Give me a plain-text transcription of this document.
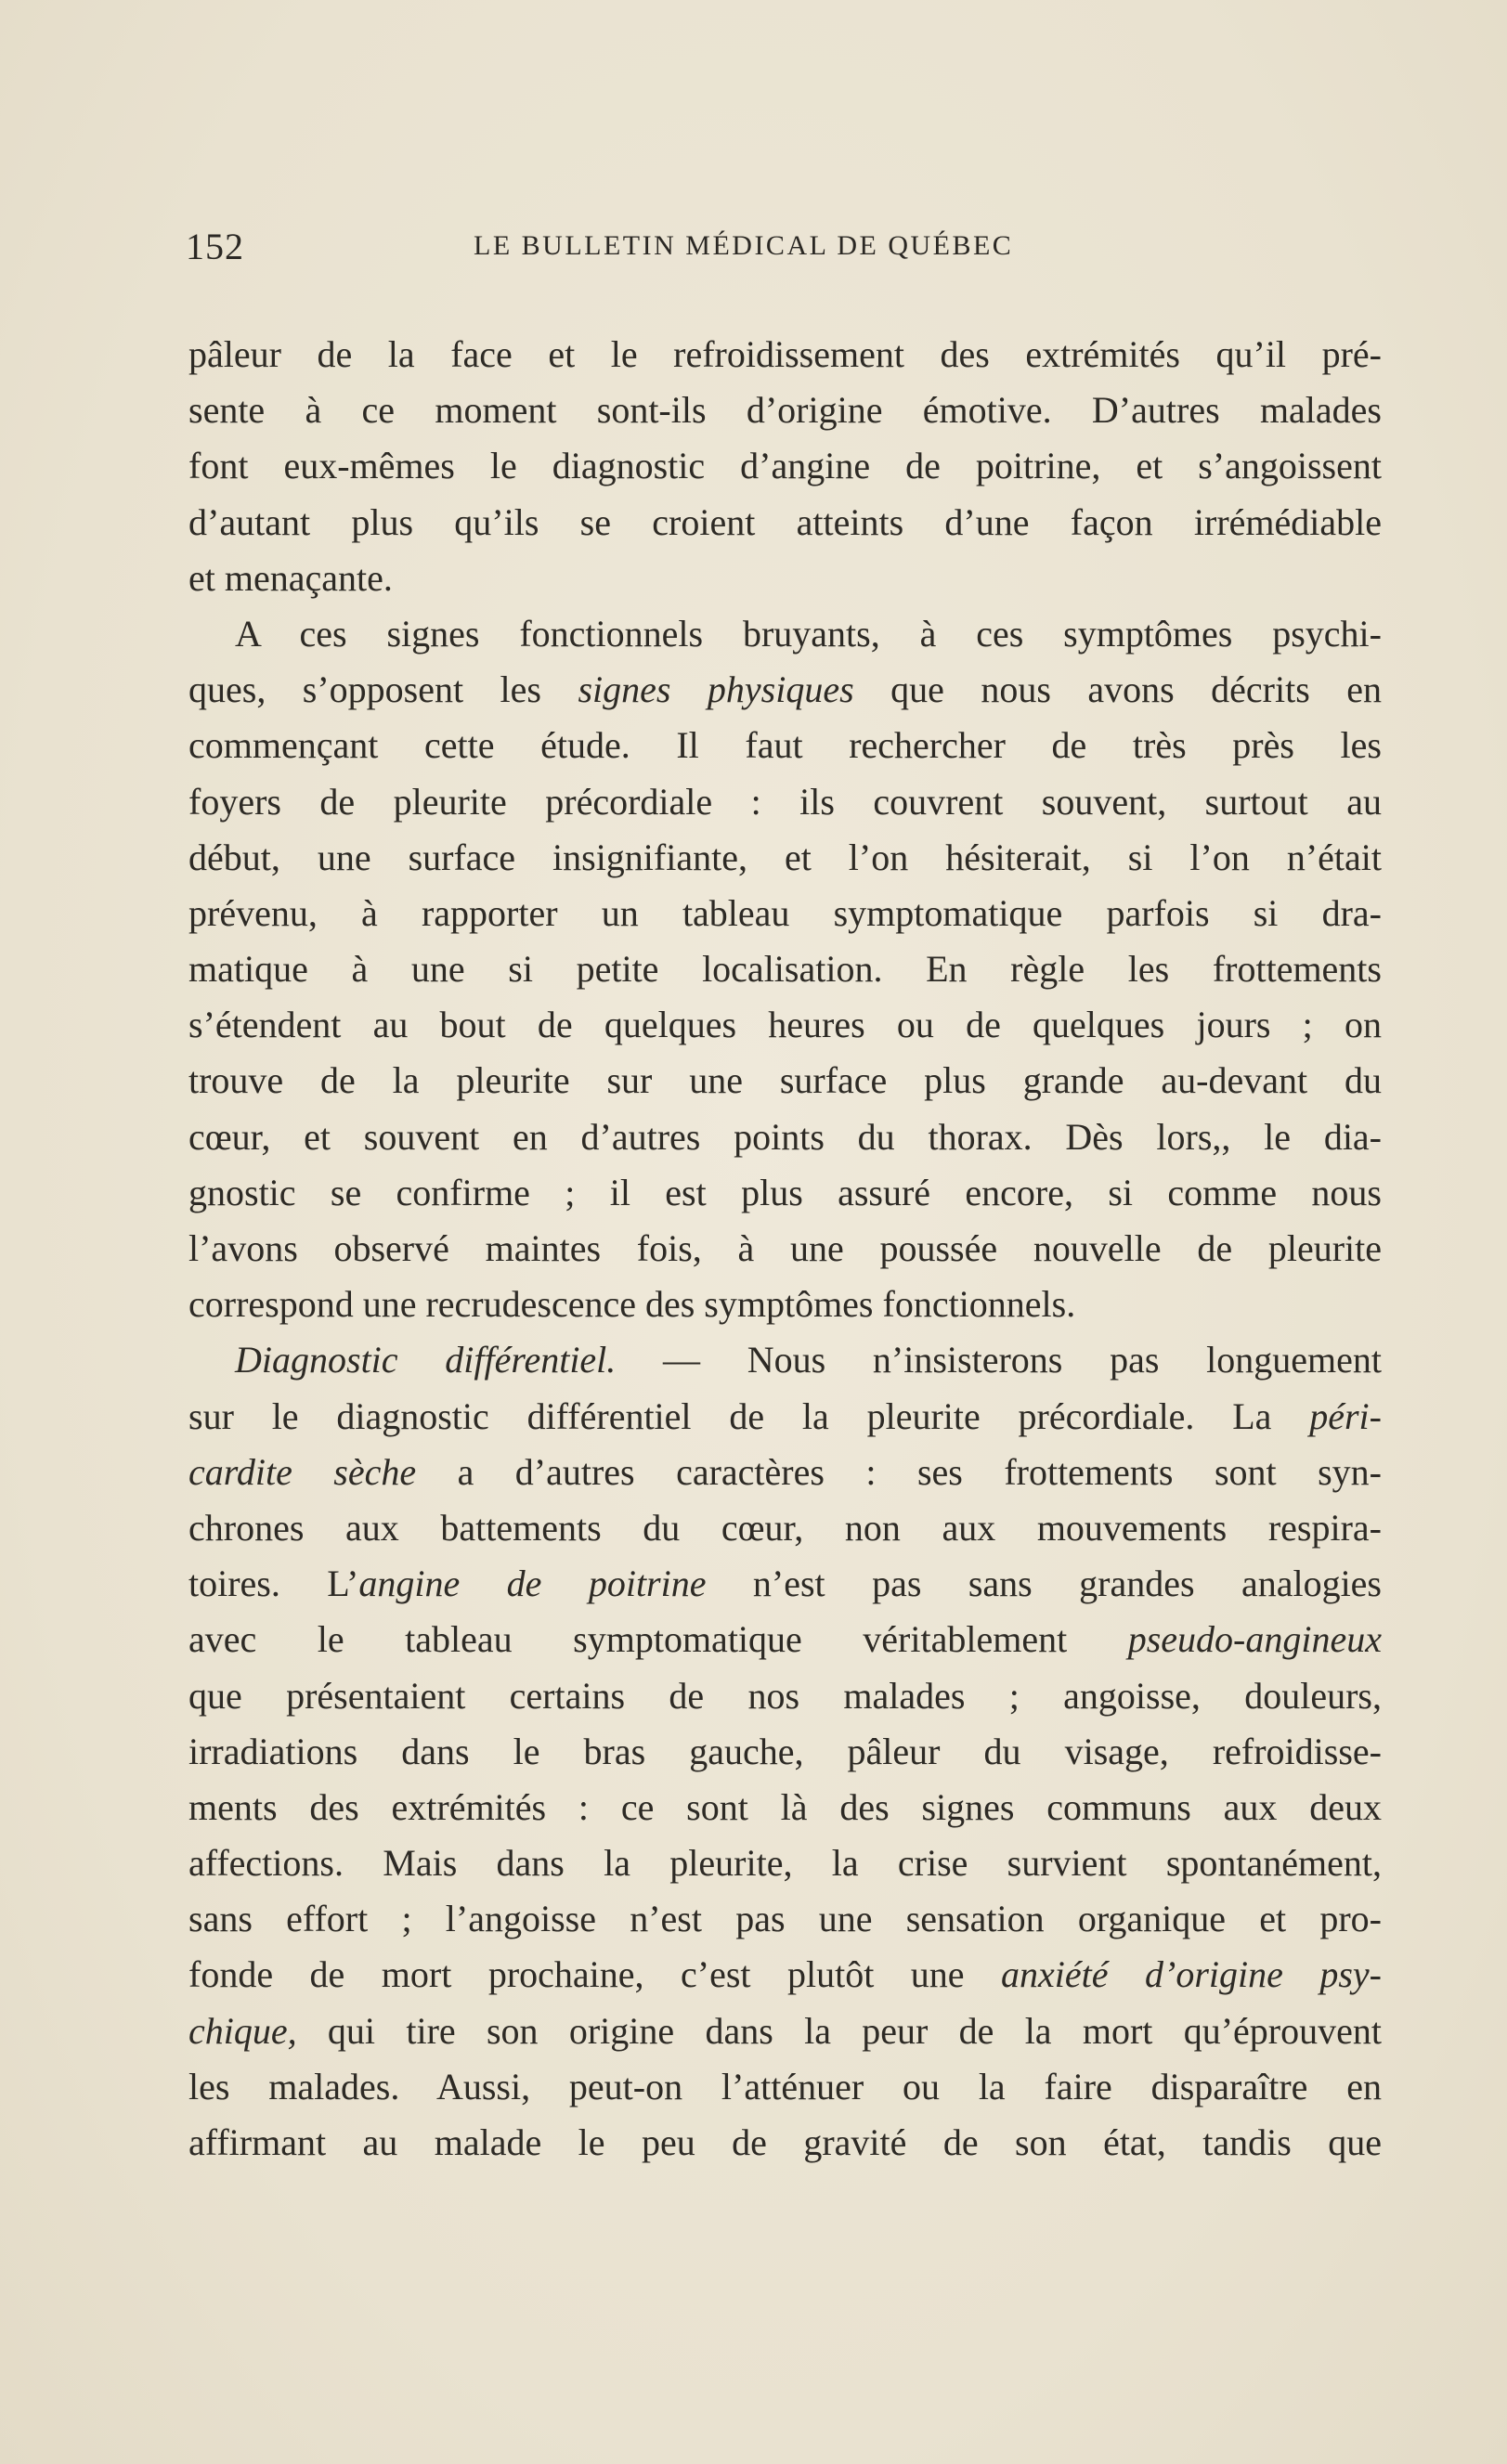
152	LE BULLETIN MÉDICAL DE QUÉBEC
pâleur de la face et le refroidissement des extrémités qu’il pré-
sente à ce moment sont-ils d’origine émotive. D’autres malades
font eux-mêmes le diagnostic d’angine de poitrine, et s’angoissent
d’autant plus qu’ils se croient atteints d’une façon irrémédiable
et menaçante.
A ces signes fonctionnels bruyants, à ces symptômes psychi-
ques, s’opposent les signes physiques que nous avons décrits en
commençant cette étude. Il faut rechercher de très près les
foyers de pleurite précordiale : ils couvrent souvent, surtout au
début, une surface insignifiante, et l’on hésiterait, si l’on n’était
prévenu, à rapporter un tableau symptomatique parfois si dra-
matique à une si petite localisation. En règle les frottements
s’étendent au bout de quelques heures ou de quelques jours ; on
trouve de la pleurite sur une surface plus grande au-devant du
cœur, et souvent en d’autres points du thorax. Dès lors,, le dia-
gnostic se confirme ; il est plus assuré encore, si comme nous
l’avons observé maintes fois, à une poussée nouvelle de pleurite
correspond une recrudescence des symptômes fonctionnels.
Diagnostic différentiel. — Nous n’insisterons pas longuement
sur le diagnostic différentiel de la pleurite précordiale. La péri-
cardite sèche a d’autres caractères : ses frottements sont syn-
chrones aux battements du cœur, non aux mouvements respira-
toires. L’angine de poitrine n’est pas sans grandes analogies
avec le tableau symptomatique véritablement pseudo-angineux
que présentaient certains de nos malades ; angoisse, douleurs,
irradiations dans le bras gauche, pâleur du visage, refroidisse-
ments des extrémités : ce sont là des signes communs aux deux
affections. Mais dans la pleurite, la crise survient spontanément,
sans effort ; l’angoisse n’est pas une sensation organique et pro-
fonde de mort prochaine, c’est plutôt une anxiété d’origine psy-
chique, qui tire son origine dans la peur de la mort qu’éprouvent
les malades. Aussi, peut-on l’atténuer ou la faire disparaître en
affirmant au malade le peu de gravité de son état, tandis que
